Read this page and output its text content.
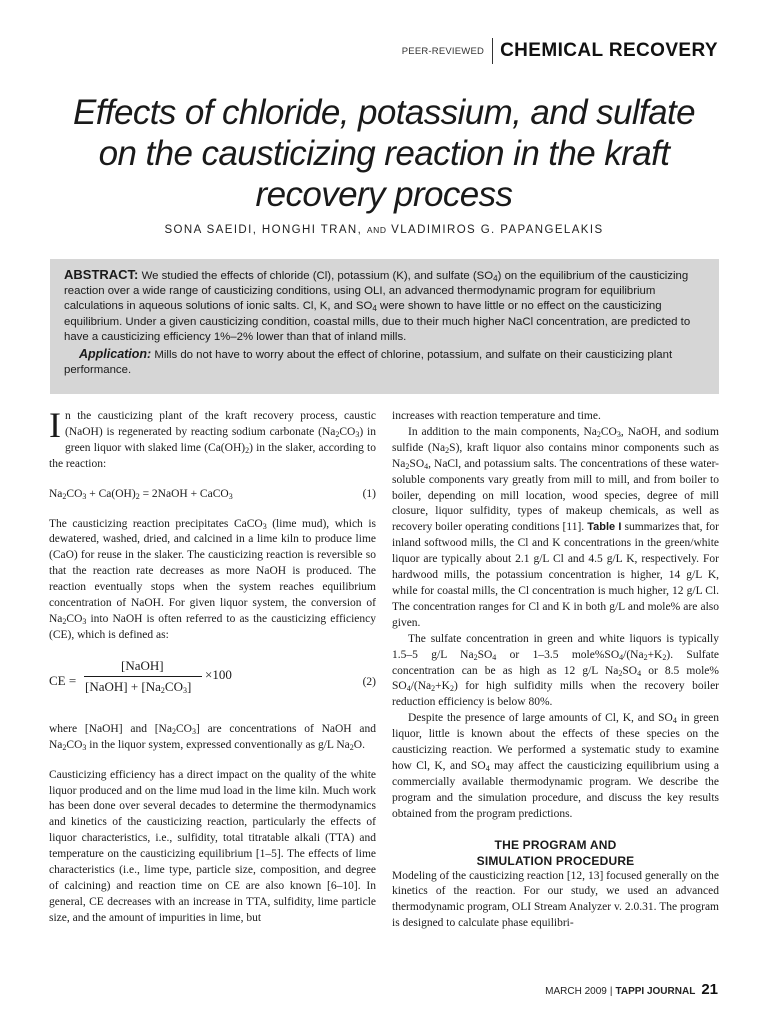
PEER-REVIEWED CHEMICAL RECOVERY
Effects of chloride, potassium, and sulfate on the causticizing reaction in the kraft recovery process
SONA SAEIDI, HONGHI TRAN, AND VLADIMIROS G. PAPANGELAKIS

ABSTRACT: We studied the effects of chloride (Cl), potassium (K), and sulfate $(SO_4)$ on the equilibrium of the causticizing reaction over a wide range of causticizing conditions, using OLI, an advanced thermodynamic program for equilibrium calculations in aqueous solutions of ionic salts. Cl, K, and $SO_4$ were shown to have little or no effect on the causticizing equilibrium. Under a given causticizing condition, coastal mills, due to their much higher NaCl concentration, are predicted to have a causticizing efficiency 1%–2% lower than that of inland mills.

Application: Mills do not have to worry about the effect of chlorine, potassium, and sulfate on their causticizing plant performance.

In the causticizing plant of the kraft recovery process, caustic (NaOH) is regenerated by reacting sodium carbonate $(Na_2CO_3)$ in green liquor with slaked lime $(Ca(OH)_2)$ in the slaker, according to the reaction:

$Na_2CO_3 + Ca(OH)_2$ = 2NaOH + CaCO$_3$	(1)

The causticizing reaction precipitates CaCO$_3$ (lime mud), which is dewatered, washed, dried, and calcined in a lime kiln to produce lime (CaO) for reuse in the slaker. The causticizing reaction is reversible so that the reaction rate decreases as more NaOH is produced. The reaction eventually stops when the system reaches equilibrium concentration of NaOH. For given liquor system, the conversion of $Na_2CO_3$ into NaOH is often referred to as the causticizing efficiency (CE), which is defined as:

CE =
[NaOH]
[NaOH] + $[Na_2CO_3]$
×100	(2)

where [NaOH] and $[Na_2CO_3]$ are concentrations of NaOH and $Na_2CO_3$ in the liquor system, expressed conventionally as g/L $Na_2O$.

Causticizing efficiency has a direct impact on the quality of the white liquor produced and on the lime mud load in the lime kiln. Much work has been done over several decades to determine the thermodynamics and kinetics of the causticizing reaction, particularly the effects of liquor characteristics, i.e., sulfidity, total titratable alkali (TTA) and temperature on the causticizing equilibrium [1–5]. The effects of lime characteristics (i.e., lime type, particle size, composition, and degree of calcining) and reaction time on CE are also known [6–10]. In general, CE decreases with an increase in TTA, sulfidity, lime particle size, and the amount of impurities in lime, but

increases with reaction temperature and time.

In addition to the main components, $Na_2CO_3$, NaOH, and sodium sulfide $(Na_2S)$, kraft liquor also contains minor components such as $Na_2SO_4$, NaCl, and potassium salts. The concentrations of these water-soluble components vary greatly from mill to mill, and from boiler to boiler, depending on mill location, wood species, degree of mill closure, liquor sulfidity, types of makeup chemicals, as well as recovery boiler operating conditions [11]. Table I summarizes that, for inland softwood mills, the Cl and K concentrations in the green/white liquor are typically about 2.1 g/L Cl and 4.5 g/L K, respectively. For hardwood mills, the potassium concentration is higher, 14 g/L K, while for coastal mills, the Cl concentration is much higher, 12 g/L Cl. The concentration ranges for Cl and K in both g/L and mole% are also given.

The sulfate concentration in green and white liquors is typically 1.5–5 g/L $Na_2SO_4$ or 1–3.5 $mole\%SO_4/(Na_2+K_2)$. Sulfate concentration can be as high as 12 g/L $Na_2SO_4$ or 8.5 mole% $SO_4/(Na_2+K_2)$ for high sulfidity mills when the recovery boiler reduction efficiency is below 80%.

Despite the presence of large amounts of Cl, K, and $SO_4$ in green liquor, little is known about the effects of these species on the causticizing reaction. We performed a systematic study to examine how Cl, K, and $SO_4$ may affect the causticizing equilibrium using a commercially available thermodynamic program. We describe the program and the simulation procedure, and discuss the key results obtained from the program predictions.

THE PROGRAM AND
SIMULATION PROCEDURE

Modeling of the causticizing reaction [12, 13] focused generally on the kinetics of the reaction. For our study, we used an advanced thermodynamic program, OLI Stream Analyzer v. 2.0.31. The program is designed to calculate phase equilibri-

MARCH 2009 | TAPPI JOURNAL 21
